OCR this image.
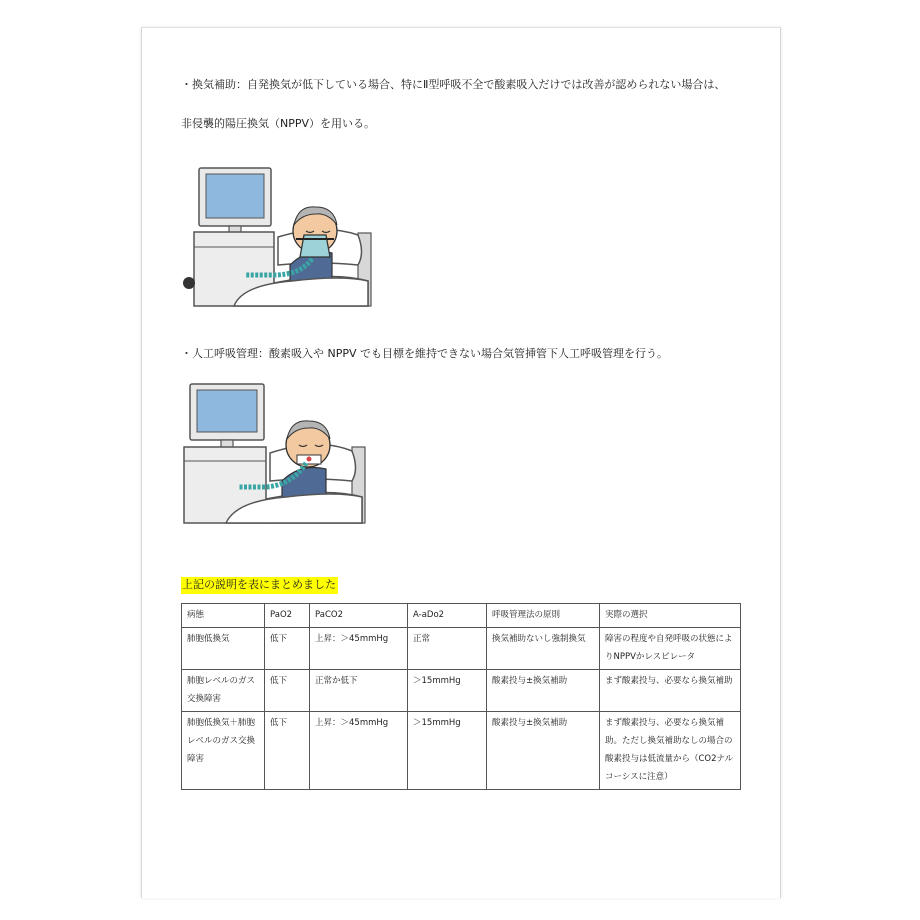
・換気補助：自発換気が低下している場合、特にⅡ型呼吸不全で酸素吸入だけでは改善が認められない場合は、
非侵襲的陽圧換気（NPPV）を用いる。
・人工呼吸管理：酸素吸入や NPPV でも目標を維持できない場合気管挿管下人工呼吸管理を行う。
上記の説明を表にまとめました
病態	PaO2	PaCO2	A-aDo2	呼吸管理法の原則	実際の選択
肺胞低換気	低下	上昇：＞45mmHg	正常	換気補助ないし強制換気	障害の程度や自発呼吸の状態によりNPPVかレスピレータ
肺胞レベルのガス交換障害	低下	正常か低下	＞15mmHg	酸素投与±換気補助	まず酸素投与、必要なら換気補助
肺胞低換気＋肺胞レベルのガス交換障害	低下	上昇：＞45mmHg	＞15mmHg	酸素投与±換気補助	まず酸素投与、必要なら換気補助。ただし換気補助なしの場合の酸素投与は低流量から（CO2ナルコーシスに注意）
